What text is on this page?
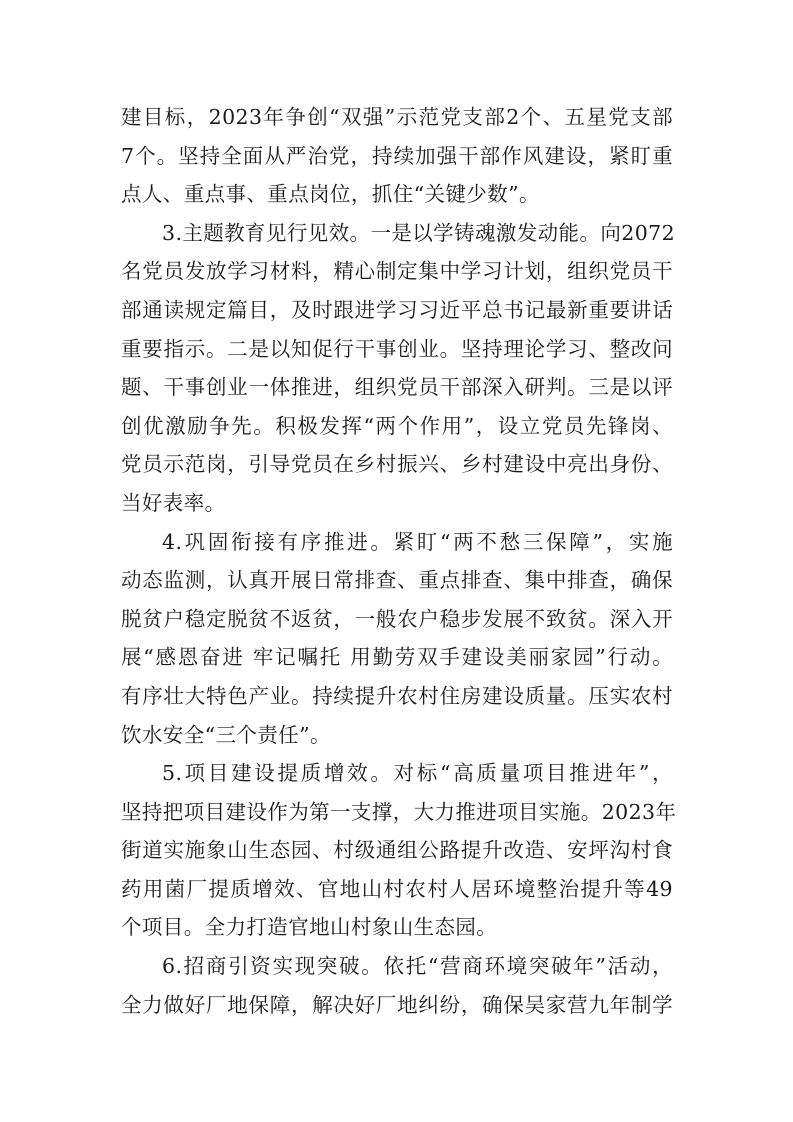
建目标，2023年争创“双强”示范党支部2个、五星党支部
7个。坚持全面从严治党，持续加强干部作风建设，紧盯重
点人、重点事、重点岗位，抓住“关键少数”。
3.主题教育见行见效。一是以学铸魂激发动能。向2072
名党员发放学习材料，精心制定集中学习计划，组织党员干
部通读规定篇目，及时跟进学习习近平总书记最新重要讲话
重要指示。二是以知促行干事创业。坚持理论学习、整改问
题、干事创业一体推进，组织党员干部深入研判。三是以评
创优激励争先。积极发挥“两个作用”，设立党员先锋岗、
党员示范岗，引导党员在乡村振兴、乡村建设中亮出身份、
当好表率。
4.巩固衔接有序推进。紧盯“两不愁三保障”，实施
动态监测，认真开展日常排查、重点排查、集中排查，确保
脱贫户稳定脱贫不返贫，一般农户稳步发展不致贫。深入开
展“感恩奋进 牢记嘱托 用勤劳双手建设美丽家园”行动。
有序壮大特色产业。持续提升农村住房建设质量。压实农村
饮水安全“三个责任”。
5.项目建设提质增效。对标“高质量项目推进年”，
坚持把项目建设作为第一支撑，大力推进项目实施。2023年
街道实施象山生态园、村级通组公路提升改造、安坪沟村食
药用菌厂提质增效、官地山村农村人居环境整治提升等49
个项目。全力打造官地山村象山生态园。
6.招商引资实现突破。依托“营商环境突破年”活动，
全力做好厂地保障，解决好厂地纠纷，确保吴家营九年制学
